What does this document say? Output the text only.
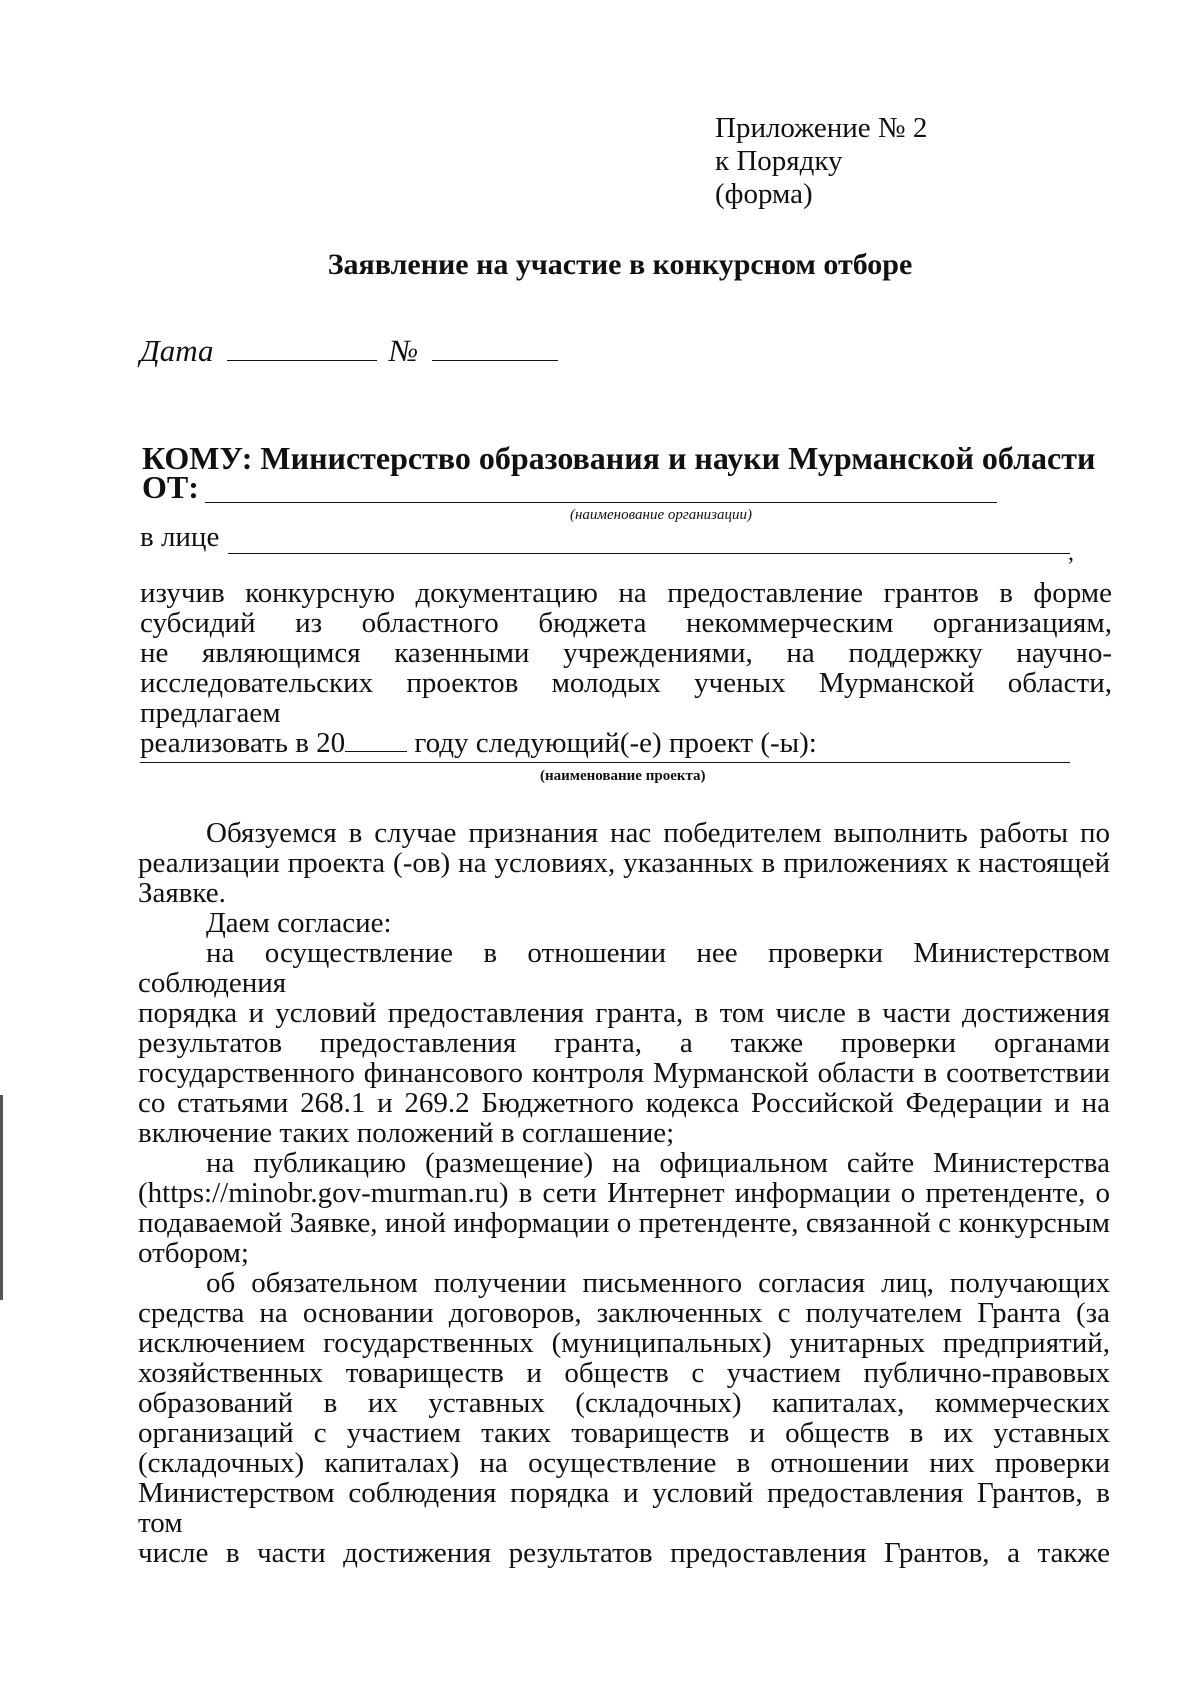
Приложение № 2
к Порядку
(форма)
Заявление на участие в конкурсном отборе
Дата	№
КОМУ: Министерство образования и науки Мурманской области
ОТ:
(наименование организации)
в лице	,
изучив конкурсную документацию на предоставление грантов в форме
субсидий из областного бюджета некоммерческим организациям,
не являющимся казенными учреждениями, на поддержку научно-
исследовательских проектов молодых ученых Мурманской области, предлагаем
реализовать в 20 году следующий(-е) проект (-ы):
(наименование проекта)
Обязуемся в случае признания нас победителем выполнить работы по
реализации проекта (-ов) на условиях, указанных в приложениях к настоящей
Заявке.
Даем согласие:
на осуществление в отношении нее проверки Министерством соблюдения
порядка и условий предоставления гранта, в том числе в части достижения
результатов предоставления гранта, а также проверки органами
государственного финансового контроля Мурманской области в соответствии
со статьями 268.1 и 269.2 Бюджетного кодекса Российской Федерации и на
включение таких положений в соглашение;
на публикацию (размещение) на официальном сайте Министерства
(https://minobr.gov-murman.ru) в сети Интернет информации о претенденте, о
подаваемой Заявке, иной информации о претенденте, связанной с конкурсным
отбором;
об обязательном получении письменного согласия лиц, получающих
средства на основании договоров, заключенных с получателем Гранта (за
исключением государственных (муниципальных) унитарных предприятий,
хозяйственных товариществ и обществ с участием публично-правовых
образований в их уставных (складочных) капиталах, коммерческих
организаций с участием таких товариществ и обществ в их уставных
(складочных) капиталах) на осуществление в отношении них проверки
Министерством соблюдения порядка и условий предоставления Грантов, в том
числе в части достижения результатов предоставления Грантов, а также
